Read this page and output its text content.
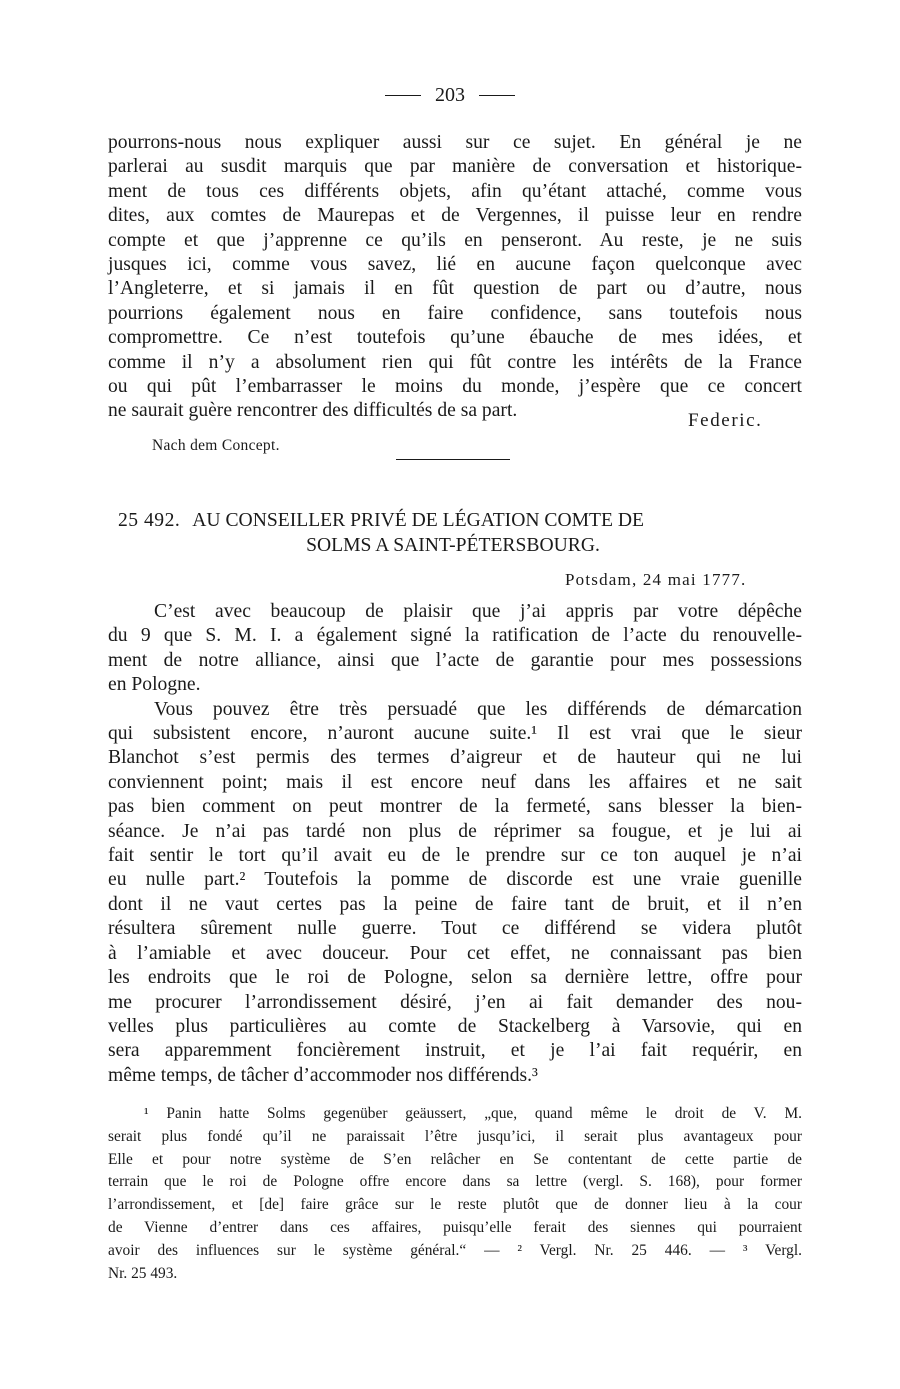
203
pourrons-nous nous expliquer aussi sur ce sujet. En général je ne
parlerai au susdit marquis que par manière de conversation et historique-
ment de tous ces différents objets, afin qu’étant attaché, comme vous
dites, aux comtes de Maurepas et de Vergennes, il puisse leur en rendre
compte et que j’apprenne ce qu’ils en penseront. Au reste, je ne suis
jusques ici, comme vous savez, lié en aucune façon quelconque avec
l’Angleterre, et si jamais il en fût question de part ou d’autre, nous
pourrions également nous en faire confidence, sans toutefois nous
compromettre. Ce n’est toutefois qu’une ébauche de mes idées, et
comme il n’y a absolument rien qui fût contre les intérêts de la France
ou qui pût l’embarrasser le moins du monde, j’espère que ce concert
ne saurait guère rencontrer des difficultés de sa part.	Federic.
Nach dem Concept.
25 492. AU CONSEILLER PRIVÉ DE LÉGATION COMTE DE
SOLMS A SAINT-PÉTERSBOURG.
Potsdam, 24 mai 1777.
C’est avec beaucoup de plaisir que j’ai appris par votre dépêche
du 9 que S. M. I. a également signé la ratification de l’acte du renouvelle-
ment de notre alliance, ainsi que l’acte de garantie pour mes possessions
en Pologne.
Vous pouvez être très persuadé que les différends de démarcation
qui subsistent encore, n’auront aucune suite.¹ Il est vrai que le sieur
Blanchot s’est permis des termes d’aigreur et de hauteur qui ne lui
conviennent point; mais il est encore neuf dans les affaires et ne sait
pas bien comment on peut montrer de la fermeté, sans blesser la bien-
séance. Je n’ai pas tardé non plus de réprimer sa fougue, et je lui ai
fait sentir le tort qu’il avait eu de le prendre sur ce ton auquel je n’ai
eu nulle part.² Toutefois la pomme de discorde est une vraie guenille
dont il ne vaut certes pas la peine de faire tant de bruit, et il n’en
résultera sûrement nulle guerre. Tout ce différend se videra plutôt
à l’amiable et avec douceur. Pour cet effet, ne connaissant pas bien
les endroits que le roi de Pologne, selon sa dernière lettre, offre pour
me procurer l’arrondissement désiré, j’en ai fait demander des nou-
velles plus particulières au comte de Stackelberg à Varsovie, qui en
sera apparemment foncièrement instruit, et je l’ai fait requérir, en
même temps, de tâcher d’accommoder nos différends.³
¹ Panin hatte Solms gegenüber geäussert, „que, quand même le droit de V. M.
serait plus fondé qu’il ne paraissait l’être jusqu’ici, il serait plus avantageux pour
Elle et pour notre système de S’en relâcher en Se contentant de cette partie de
terrain que le roi de Pologne offre encore dans sa lettre (vergl. S. 168), pour former
l’arrondissement, et [de] faire grâce sur le reste plutôt que de donner lieu à la cour
de Vienne d’entrer dans ces affaires, puisqu’elle ferait des siennes qui pourraient
avoir des influences sur le système général.“ — ² Vergl. Nr. 25 446. — ³ Vergl.
Nr. 25 493.
